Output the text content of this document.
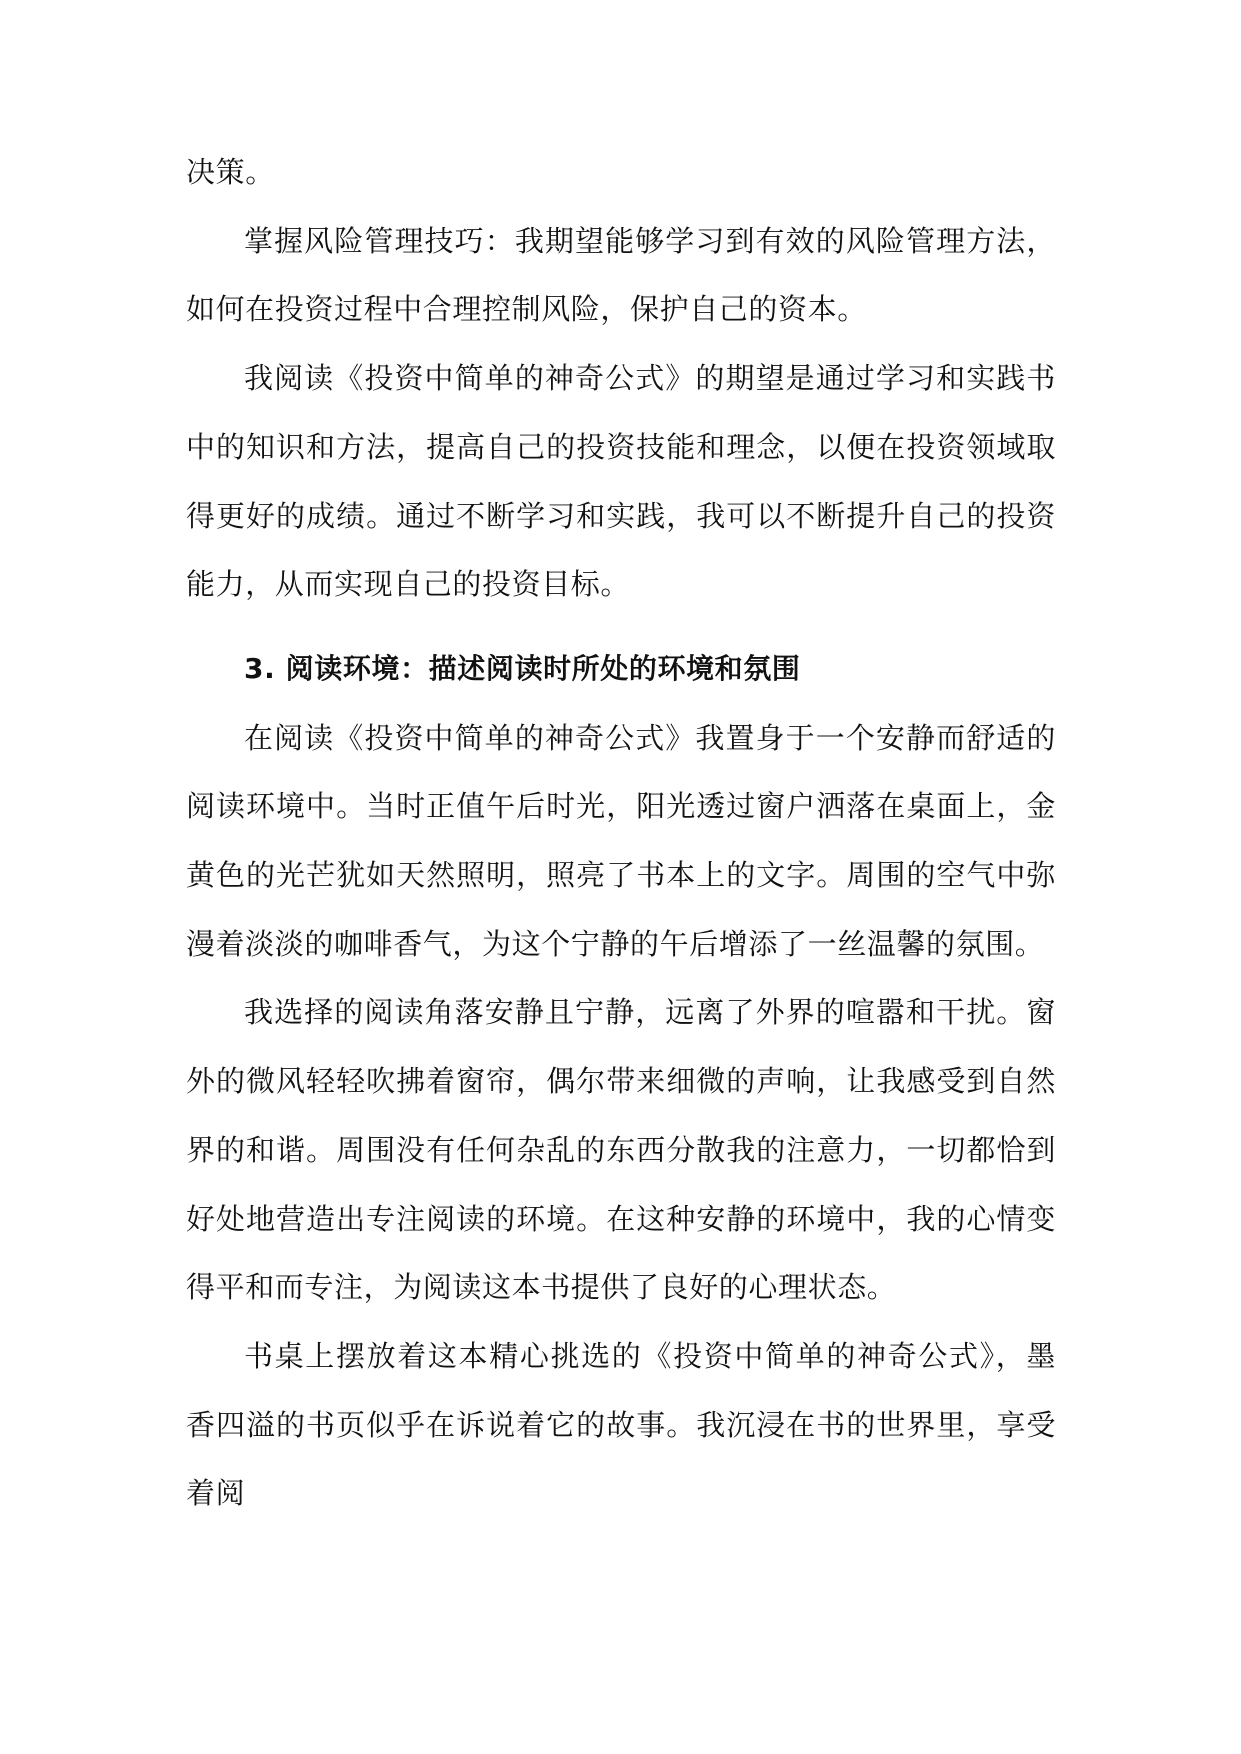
决策。

掌握风险管理技巧：我期望能够学习到有效的风险管理方法，如何在投资过程中合理控制风险，保护自己的资本。

我阅读《投资中简单的神奇公式》的期望是通过学习和实践书中的知识和方法，提高自己的投资技能和理念，以便在投资领域取得更好的成绩。通过不断学习和实践，我可以不断提升自己的投资能力，从而实现自己的投资目标。

3. 阅读环境：描述阅读时所处的环境和氛围

在阅读《投资中简单的神奇公式》我置身于一个安静而舒适的阅读环境中。当时正值午后时光，阳光透过窗户洒落在桌面上，金黄色的光芒犹如天然照明，照亮了书本上的文字。周围的空气中弥漫着淡淡的咖啡香气，为这个宁静的午后增添了一丝温馨的氛围。

我选择的阅读角落安静且宁静，远离了外界的喧嚣和干扰。窗外的微风轻轻吹拂着窗帘，偶尔带来细微的声响，让我感受到自然界的和谐。周围没有任何杂乱的东西分散我的注意力，一切都恰到好处地营造出专注阅读的环境。在这种安静的环境中，我的心情变得平和而专注，为阅读这本书提供了良好的心理状态。

书桌上摆放着这本精心挑选的《投资中简单的神奇公式》，墨香四溢的书页似乎在诉说着它的故事。我沉浸在书的世界里，享受着阅
